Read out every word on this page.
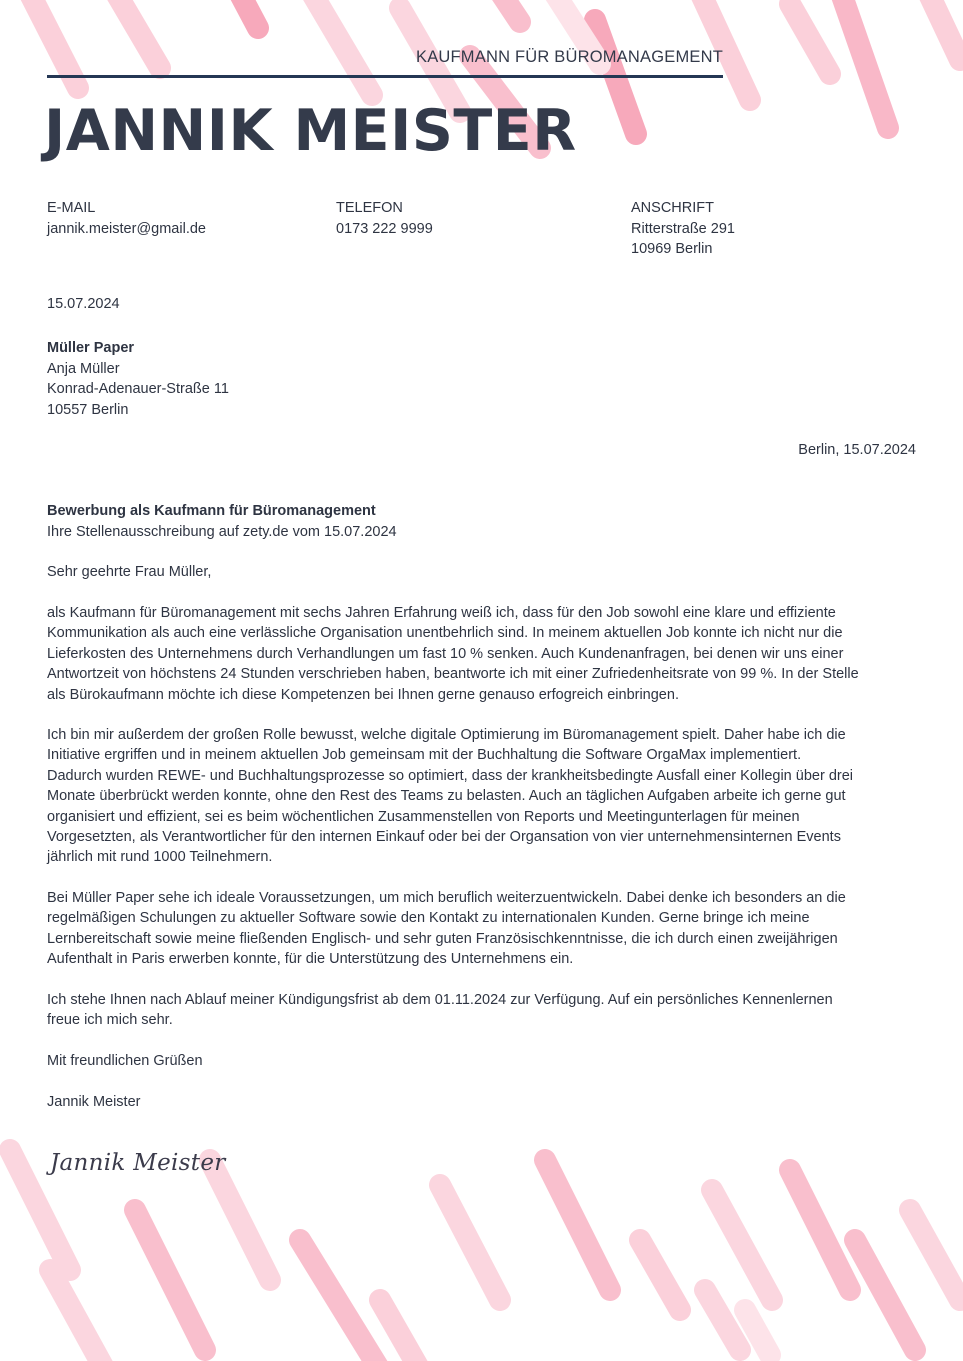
KAUFMANN FÜR BÜROMANAGEMENT
JANNIK MEISTER
E-MAIL
jannik.meister@gmail.de
TELEFON
0173 222 9999
ANSCHRIFT
Ritterstraße 291
10969 Berlin
15.07.2024
Müller Paper
Anja Müller
Konrad-Adenauer-Straße 11
10557 Berlin
Berlin, 15.07.2024
Bewerbung als Kaufmann für Büromanagement
Ihre Stellenausschreibung auf zety.de vom 15.07.2024
Sehr geehrte Frau Müller,
als Kaufmann für Büromanagement mit sechs Jahren Erfahrung weiß ich, dass für den Job sowohl eine klare und effiziente
Kommunikation als auch eine verlässliche Organisation unentbehrlich sind. In meinem aktuellen Job konnte ich nicht nur die
Lieferkosten des Unternehmens durch Verhandlungen um fast 10 % senken. Auch Kundenanfragen, bei denen wir uns einer
Antwortzeit von höchstens 24 Stunden verschrieben haben, beantworte ich mit einer Zufriedenheitsrate von 99 %. In der Stelle
als Bürokaufmann möchte ich diese Kompetenzen bei Ihnen gerne genauso erfogreich einbringen.
Ich bin mir außerdem der großen Rolle bewusst, welche digitale Optimierung im Büromanagement spielt. Daher habe ich die
Initiative ergriffen und in meinem aktuellen Job gemeinsam mit der Buchhaltung die Software OrgaMax implementiert.
Dadurch wurden REWE- und Buchhaltungsprozesse so optimiert, dass der krankheitsbedingte Ausfall einer Kollegin über drei
Monate überbrückt werden konnte, ohne den Rest des Teams zu belasten. Auch an täglichen Aufgaben arbeite ich gerne gut
organisiert und effizient, sei es beim wöchentlichen Zusammenstellen von Reports und Meetingunterlagen für meinen
Vorgesetzten, als Verantwortlicher für den internen Einkauf oder bei der Organsation von vier unternehmensinternen Events
jährlich mit rund 1000 Teilnehmern.
Bei Müller Paper sehe ich ideale Voraussetzungen, um mich beruflich weiterzuentwickeln. Dabei denke ich besonders an die
regelmäßigen Schulungen zu aktueller Software sowie den Kontakt zu internationalen Kunden. Gerne bringe ich meine
Lernbereitschaft sowie meine fließenden Englisch- und sehr guten Französischkenntnisse, die ich durch einen zweijährigen
Aufenthalt in Paris erwerben konnte, für die Unterstützung des Unternehmens ein.
Ich stehe Ihnen nach Ablauf meiner Kündigungsfrist ab dem 01.11.2024 zur Verfügung. Auf ein persönliches Kennenlernen
freue ich mich sehr.
Mit freundlichen Grüßen
Jannik Meister
Jannik Meister
